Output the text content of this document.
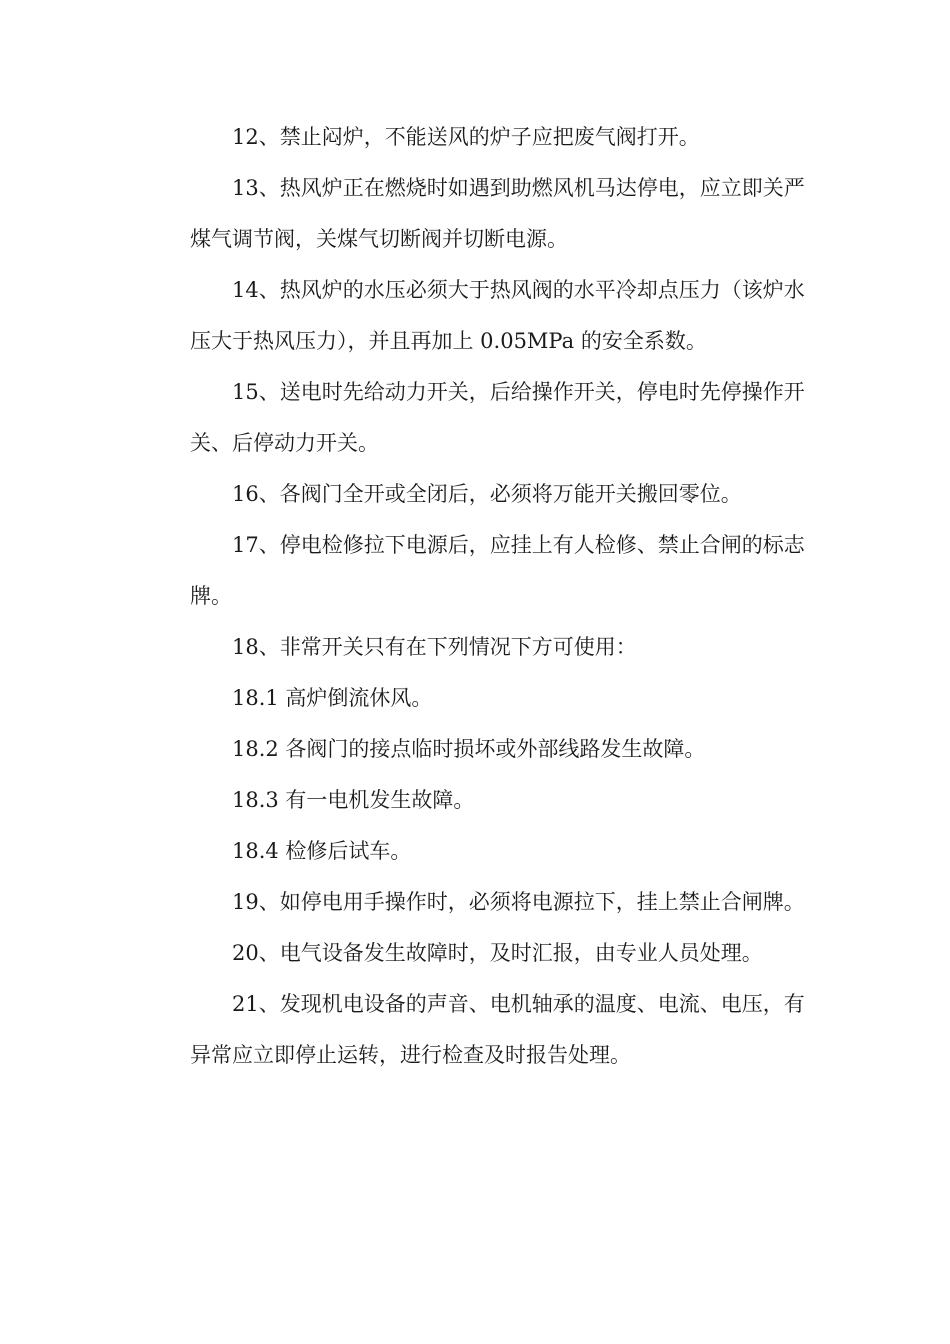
12、禁止闷炉，不能送风的炉子应把废气阀打开。
13、热风炉正在燃烧时如遇到助燃风机马达停电，应立即关严
煤气调节阀，关煤气切断阀并切断电源。
14、热风炉的水压必须大于热风阀的水平冷却点压力（该炉水
压大于热风压力），并且再加上 0.05MPa 的安全系数。
15、送电时先给动力开关，后给操作开关，停电时先停操作开
关、后停动力开关。
16、各阀门全开或全闭后，必须将万能开关搬回零位。
17、停电检修拉下电源后，应挂上有人检修、禁止合闸的标志
牌。
18、非常开关只有在下列情况下方可使用：
18.1 高炉倒流休风。
18.2 各阀门的接点临时损坏或外部线路发生故障。
18.3 有一电机发生故障。
18.4 检修后试车。
19、如停电用手操作时，必须将电源拉下，挂上禁止合闸牌。
20、电气设备发生故障时，及时汇报，由专业人员处理。
21、发现机电设备的声音、电机轴承的温度、电流、电压，有
异常应立即停止运转，进行检查及时报告处理。
